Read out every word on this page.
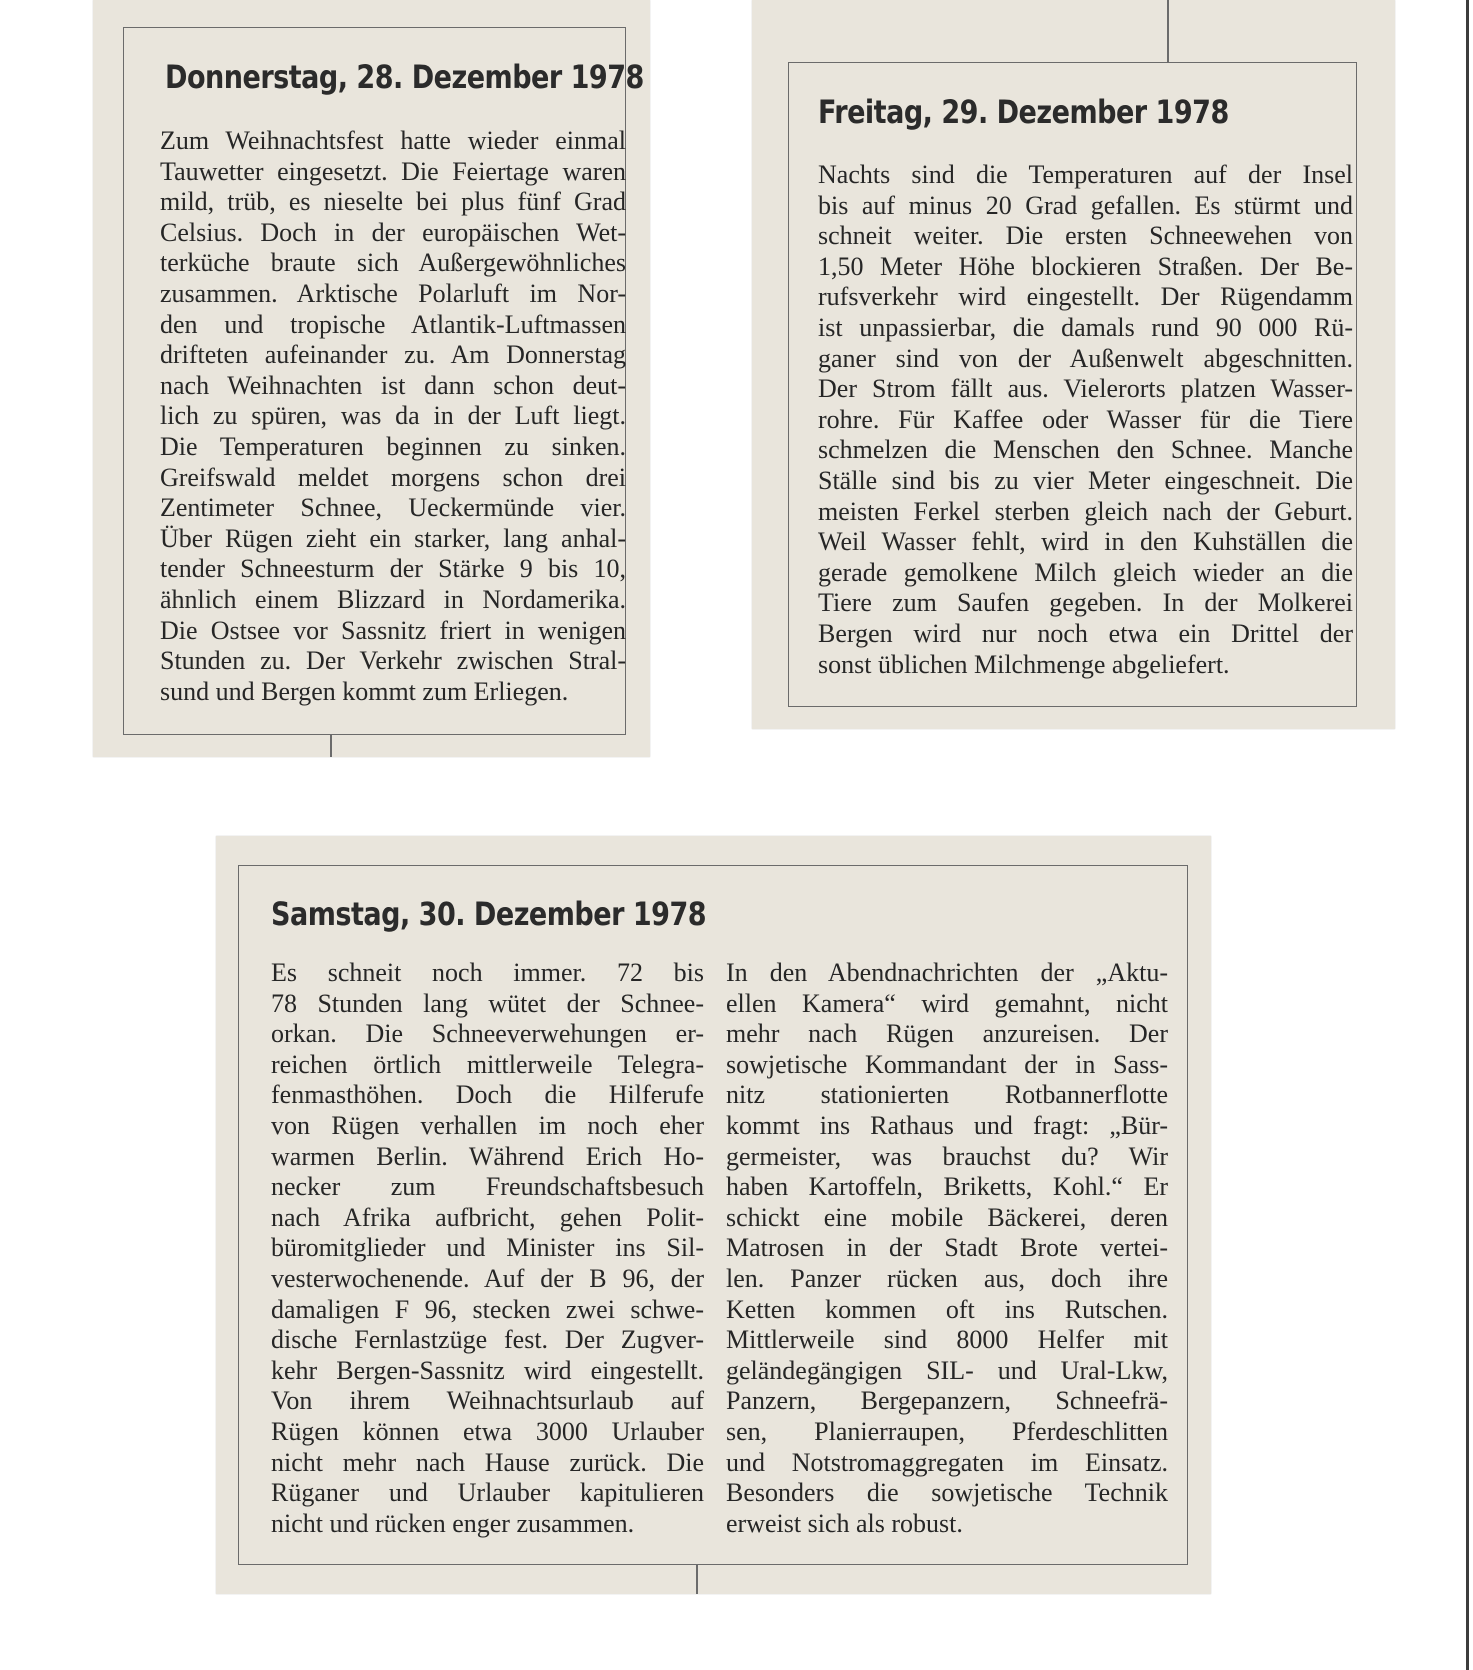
Donnerstag, 28. Dezember 1978
Zum Weihnachtsfest hatte wieder einmal
Tauwetter eingesetzt. Die Feiertage waren
mild, trüb, es nieselte bei plus fünf Grad
Celsius. Doch in der europäischen Wet-
terküche braute sich Außergewöhnliches
zusammen. Arktische Polarluft im Nor-
den und tropische Atlantik-Luftmassen
drifteten aufeinander zu. Am Donnerstag
nach Weihnachten ist dann schon deut-
lich zu spüren, was da in der Luft liegt.
Die Temperaturen beginnen zu sinken.
Greifswald meldet morgens schon drei
Zentimeter Schnee, Ueckermünde vier.
Über Rügen zieht ein starker, lang anhal-
tender Schneesturm der Stärke 9 bis 10,
ähnlich einem Blizzard in Nordamerika.
Die Ostsee vor Sassnitz friert in wenigen
Stunden zu. Der Verkehr zwischen Stral-
sund und Bergen kommt zum Erliegen.
Freitag, 29. Dezember 1978
Nachts sind die Temperaturen auf der Insel
bis auf minus 20 Grad gefallen. Es stürmt und
schneit weiter. Die ersten Schneewehen von
1,50 Meter Höhe blockieren Straßen. Der Be-
rufsverkehr wird eingestellt. Der Rügendamm
ist unpassierbar, die damals rund 90 000 Rü-
ganer sind von der Außenwelt abgeschnitten.
Der Strom fällt aus. Vielerorts platzen Wasser-
rohre. Für Kaffee oder Wasser für die Tiere
schmelzen die Menschen den Schnee. Manche
Ställe sind bis zu vier Meter eingeschneit. Die
meisten Ferkel sterben gleich nach der Geburt.
Weil Wasser fehlt, wird in den Kuhställen die
gerade gemolkene Milch gleich wieder an die
Tiere zum Saufen gegeben. In der Molkerei
Bergen wird nur noch etwa ein Drittel der
sonst üblichen Milchmenge abgeliefert.
Samstag, 30. Dezember 1978
Es schneit noch immer. 72 bis
78 Stunden lang wütet der Schnee-
orkan. Die Schneeverwehungen er-
reichen örtlich mittlerweile Telegra-
fenmasthöhen. Doch die Hilferufe
von Rügen verhallen im noch eher
warmen Berlin. Während Erich Ho-
necker zum Freundschaftsbesuch
nach Afrika aufbricht, gehen Polit-
büromitglieder und Minister ins Sil-
vesterwochenende. Auf der B 96, der
damaligen F 96, stecken zwei schwe-
dische Fernlastzüge fest. Der Zugver-
kehr Bergen-Sassnitz wird eingestellt.
Von ihrem Weihnachtsurlaub auf
Rügen können etwa 3000 Urlauber
nicht mehr nach Hause zurück. Die
Rüganer und Urlauber kapitulieren
nicht und rücken enger zusammen.
In den Abendnachrichten der „Aktu-
ellen Kamera“ wird gemahnt, nicht
mehr nach Rügen anzureisen. Der
sowjetische Kommandant der in Sass-
nitz stationierten Rotbannerflotte
kommt ins Rathaus und fragt: „Bür-
germeister, was brauchst du? Wir
haben Kartoffeln, Briketts, Kohl.“ Er
schickt eine mobile Bäckerei, deren
Matrosen in der Stadt Brote vertei-
len. Panzer rücken aus, doch ihre
Ketten kommen oft ins Rutschen.
Mittlerweile sind 8000 Helfer mit
geländegängigen SIL- und Ural-Lkw,
Panzern, Bergepanzern, Schneefrä-
sen, Planierraupen, Pferdeschlitten
und Notstromaggregaten im Einsatz.
Besonders die sowjetische Technik
erweist sich als robust.
